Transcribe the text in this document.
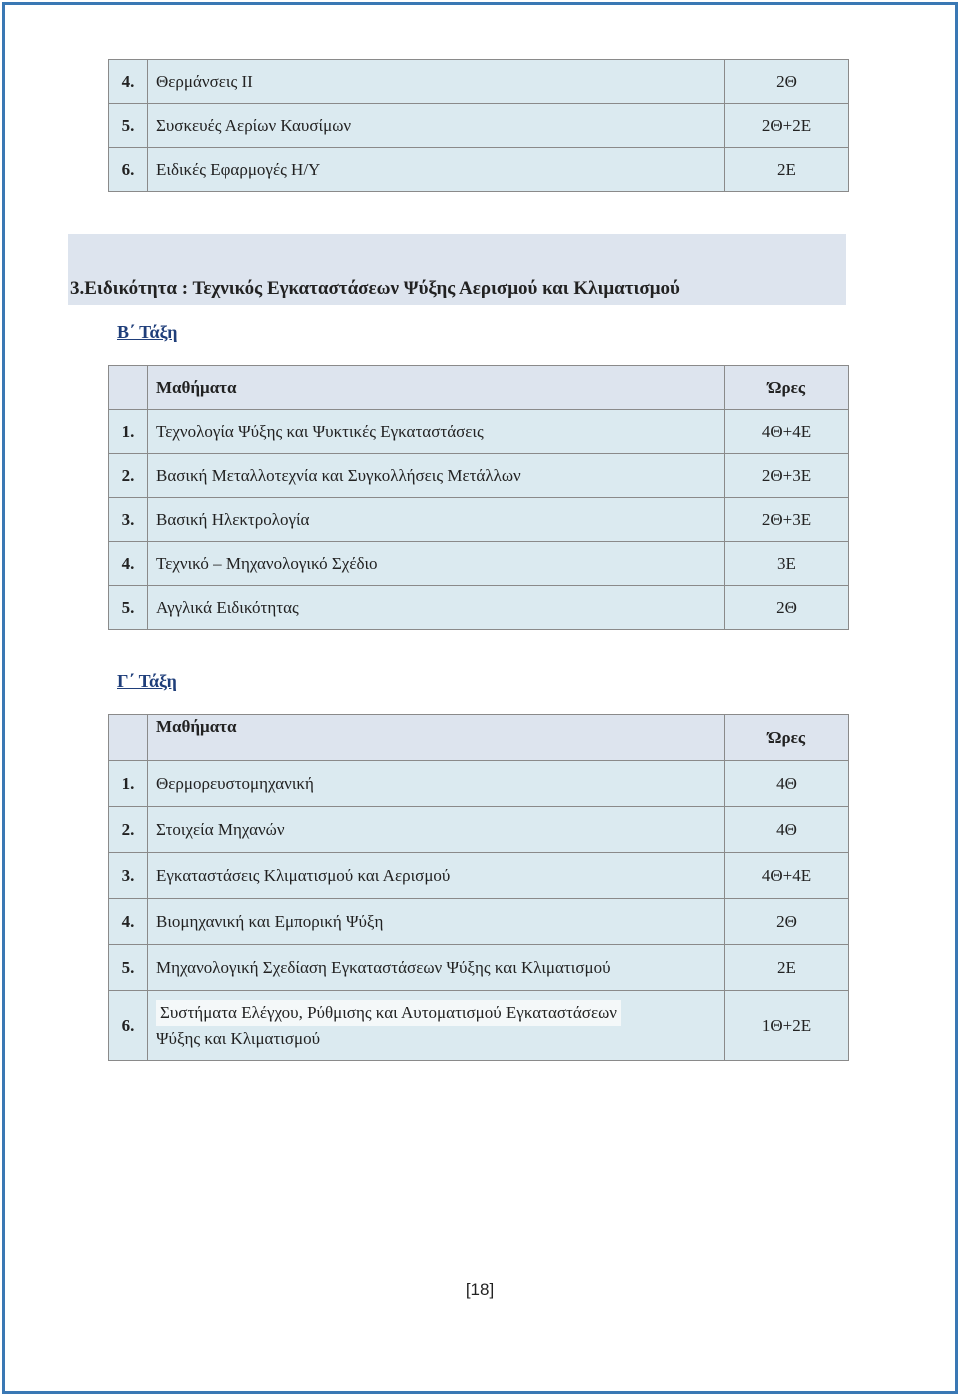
4.	Θερμάνσεις ΙΙ	2Θ
5.	Συσκευές Αερίων Καυσίμων	2Θ+2Ε
6.	Ειδικές Εφαρμογές Η/Υ	2Ε
3.Ειδικότητα : Τεχνικός Εγκαταστάσεων Ψύξης Αερισμού και Κλιματισμού
Β΄ Τάξη
	Μαθήματα	Ώρες
1.	Τεχνολογία Ψύξης και Ψυκτικές Εγκαταστάσεις	4Θ+4Ε
2.	Βασική Μεταλλοτεχνία και Συγκολλήσεις Μετάλλων	2Θ+3Ε
3.	Βασική Ηλεκτρολογία	2Θ+3Ε
4.	Τεχνικό – Μηχανολογικό Σχέδιο	3Ε
5.	Αγγλικά Ειδικότητας	2Θ
Γ΄ Τάξη
	Μαθήματα	Ώρες
1.	Θερμορευστομηχανική	4Θ
2.	Στοιχεία Μηχανών	4Θ
3.	Εγκαταστάσεις Κλιματισμού και Αερισμού	4Θ+4Ε
4.	Βιομηχανική και Εμπορική Ψύξη	2Θ
5.	Μηχανολογική Σχεδίαση Εγκαταστάσεων Ψύξης και Κλιματισμού	2Ε
6.	Συστήματα Ελέγχου, Ρύθμισης και Αυτοματισμού Εγκαταστάσεων
Ψύξης και Κλιματισμού	1Θ+2Ε
[18]
